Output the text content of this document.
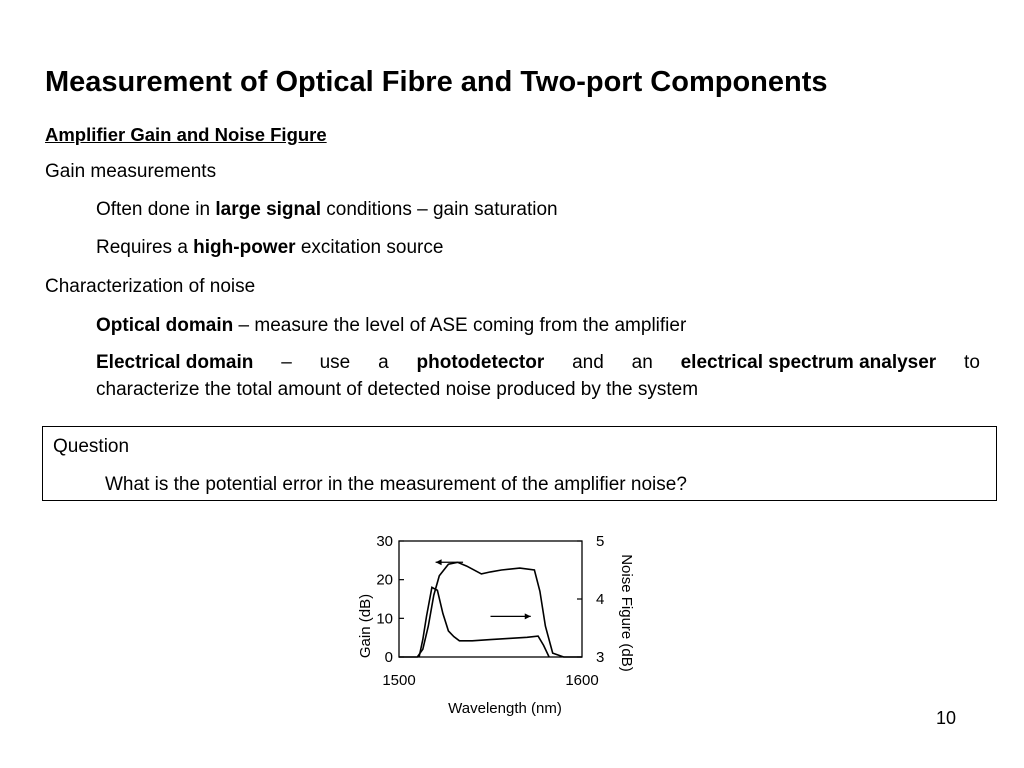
Measurement of Optical Fibre and Two-port Components
Amplifier Gain and Noise Figure
Gain measurements
Often done in large signal conditions – gain saturation
Requires a high-power excitation source
Characterization of noise
Optical domain – measure the level of ASE coming from the amplifier
Electrical domain – use a photodetector and an electrical spectrum analyser to
characterize the total amount of detected noise produced by the system
Question
What is the potential error in the measurement of the amplifier noise?
30
20
10
0
5
4
3
1500	1600
Gain (dB)	Noise Figure (dB)
Wavelength (nm)	10
